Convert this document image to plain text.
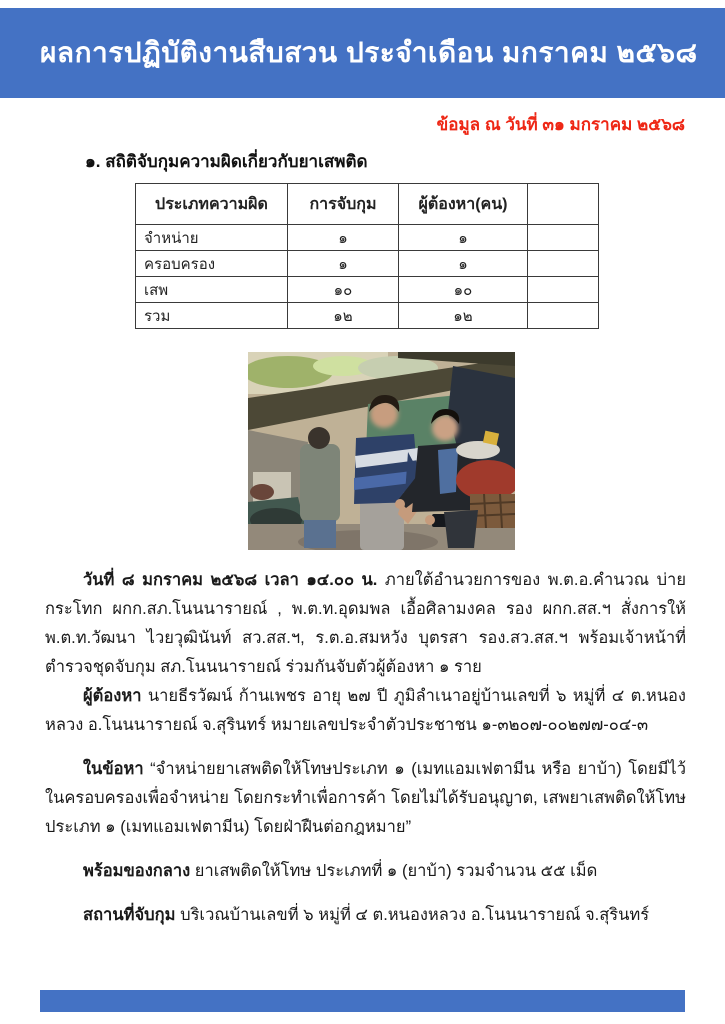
ผลการปฏิบัติงานสืบสวน ประจำเดือน มกราคม ๒๕๖๘
ข้อมูล ณ วันที่ ๓๑ มกราคม ๒๕๖๘
๑. สถิติจับกุมความผิดเกี่ยวกับยาเสพติด
ประเภทความผิด	การจับกุม	ผู้ต้องหา(คน)	
จำหน่าย	๑	๑	
ครอบครอง	๑	๑	
เสพ	๑๐	๑๐	
รวม	๑๒	๑๒	

วันที่ ๘ มกราคม ๒๕๖๘ เวลา ๑๔.๐๐ น. ภายใต้อำนวยการของ พ.ต.อ.คำนวณ บ่ายกระโทก ผกก.สภ.โนนนารายณ์ , พ.ต.ท.อุดมพล เอื้อศิลามงคล รอง ผกก.สส.ฯ สั่งการให้ พ.ต.ท.วัฒนา ไวยวุฒินันท์ สว.สส.ฯ, ร.ต.อ.สมหวัง บุตรสา รอง.สว.สส.ฯ พร้อมเจ้าหน้าที่ตำรวจชุดจับกุม สภ.โนนนารายณ์ ร่วมกันจับตัวผู้ต้องหา ๑ ราย

ผู้ต้องหา นายธีรวัฒน์ ก้านเพชร อายุ ๒๗ ปี ภูมิลำเนาอยู่บ้านเลขที่ ๖ หมู่ที่ ๔ ต.หนองหลวง อ.โนนนารายณ์ จ.สุรินทร์ หมายเลขประจำตัวประชาชน ๑-๓๒๐๗-๐๐๒๗๗-๐๔-๓

ในข้อหา “จำหน่ายยาเสพติดให้โทษประเภท ๑ (เมทแอมเฟตามีน หรือ ยาบ้า) โดยมีไว้ในครอบครองเพื่อจำหน่าย โดยกระทำเพื่อการค้า โดยไม่ได้รับอนุญาต, เสพยาเสพติดให้โทษประเภท ๑ (เมทแอมเฟตามีน) โดยฝ่าฝืนต่อกฎหมาย”

พร้อมของกลาง ยาเสพติดให้โทษ ประเภทที่ ๑ (ยาบ้า) รวมจำนวน ๕๕ เม็ด

สถานที่จับกุม บริเวณบ้านเลขที่ ๖ หมู่ที่ ๔ ต.หนองหลวง อ.โนนนารายณ์ จ.สุรินทร์
